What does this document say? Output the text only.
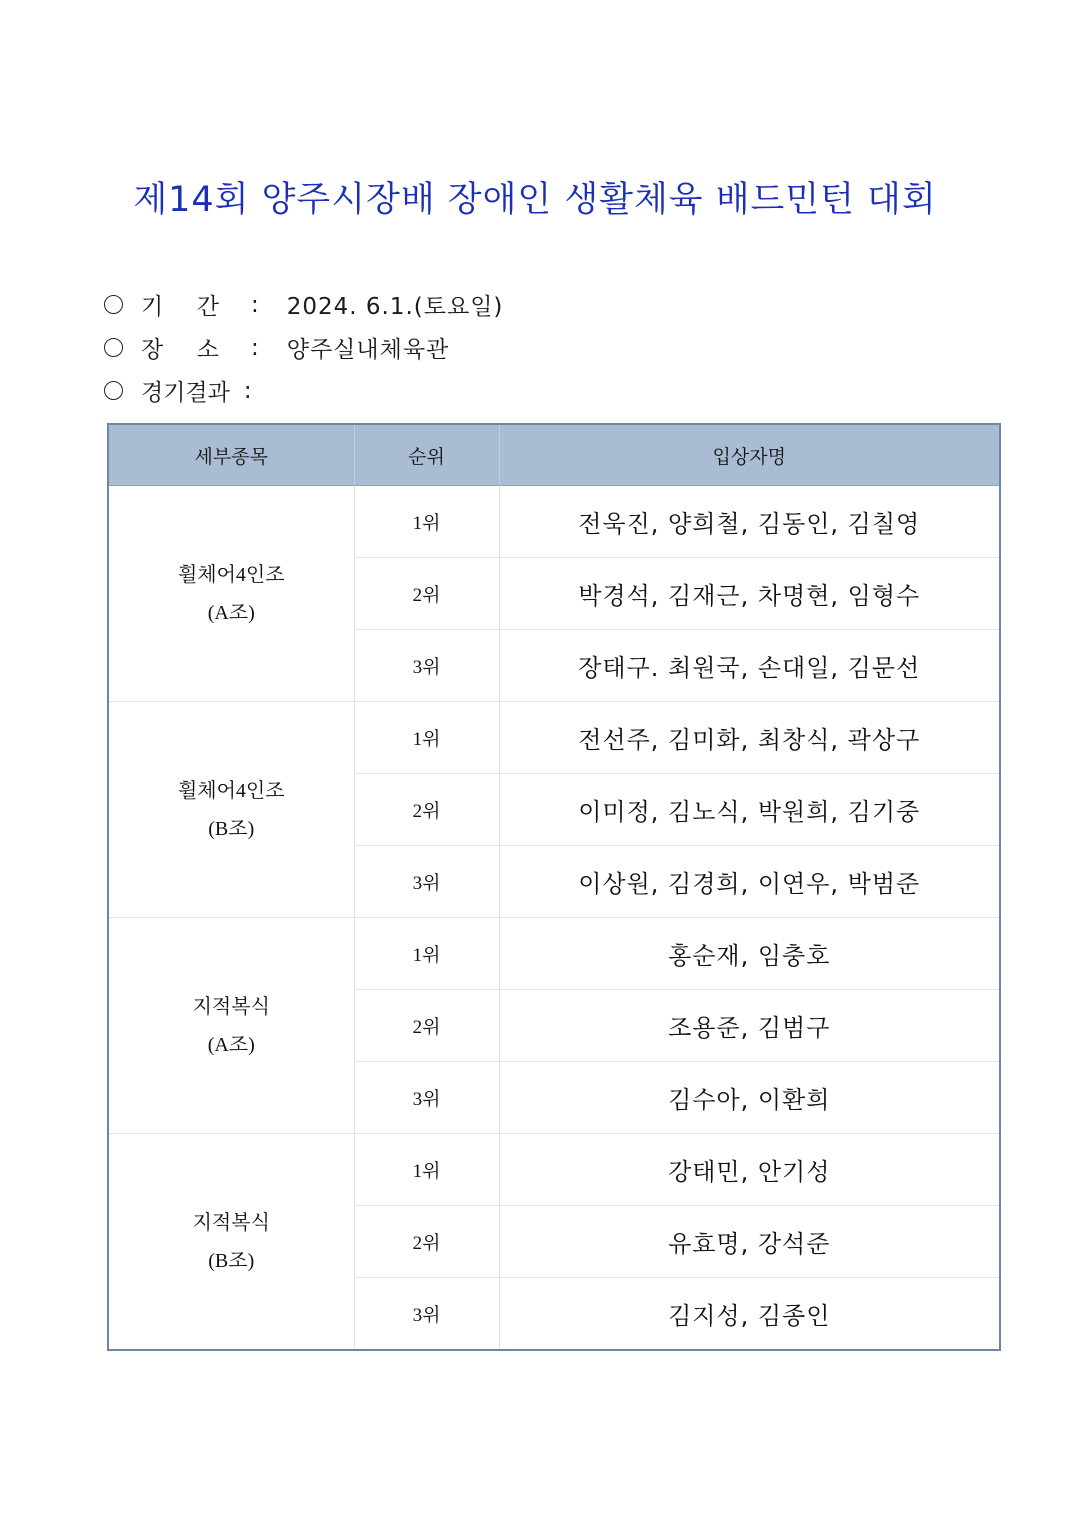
제14회 양주시장배 장애인 생활체육 배드민턴 대회
기 간 : 2024. 6.1.(토요일)
장 소 : 양주실내체육관
경기결과 :
세부종목	순위	입상자명

휠체어4인조
(A조)	1위	전욱진, 양희철, 김동인, 김칠영
	2위	박경석, 김재근, 차명현, 임형수
	3위	장태구. 최원국, 손대일, 김문선

휠체어4인조
(B조)	1위	전선주, 김미화, 최창식, 곽상구
	2위	이미정, 김노식, 박원희, 김기중
	3위	이상원, 김경희, 이연우, 박범준

지적복식
(A조)	1위	홍순재, 임충호
	2위	조용준, 김범구
	3위	김수아, 이환희

지적복식
(B조)	1위	강태민, 안기성
	2위	유효명, 강석준
	3위	김지성, 김종인
